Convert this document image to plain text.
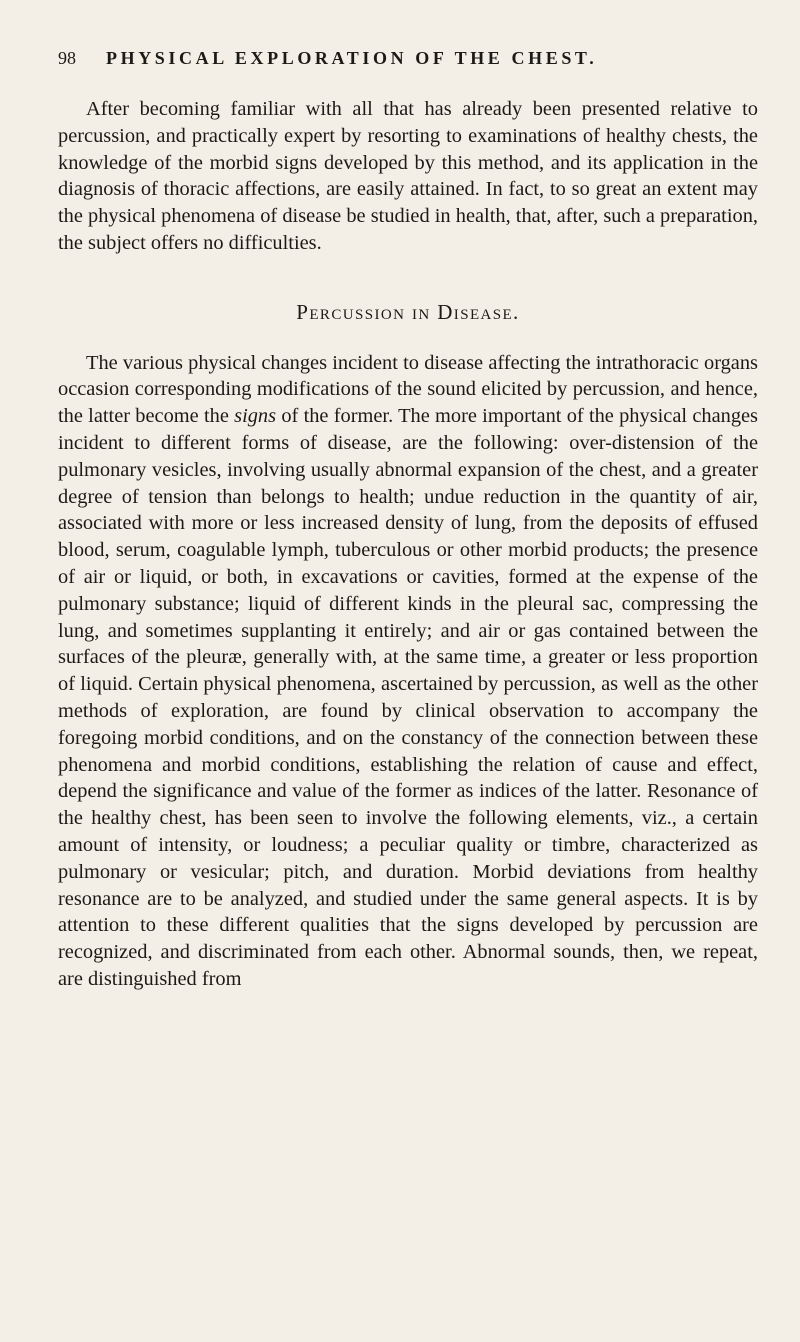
98 PHYSICAL EXPLORATION OF THE CHEST.

After becoming familiar with all that has already been presented relative to percussion, and practically expert by resorting to examinations of healthy chests, the knowledge of the morbid signs developed by this method, and its application in the diagnosis of thoracic affections, are easily attained. In fact, to so great an extent may the physical phenomena of disease be studied in health, that, after, such a preparation, the subject offers no difficulties.

Percussion in Disease.

The various physical changes incident to disease affecting the intrathoracic organs occasion corresponding modifications of the sound elicited by percussion, and hence, the latter become the signs of the former. The more important of the physical changes incident to different forms of disease, are the following: over-distension of the pulmonary vesicles, involving usually abnormal expansion of the chest, and a greater degree of tension than belongs to health; undue reduction in the quantity of air, associated with more or less increased density of lung, from the deposits of effused blood, serum, coagulable lymph, tuberculous or other morbid products; the presence of air or liquid, or both, in excavations or cavities, formed at the expense of the pulmonary substance; liquid of different kinds in the pleural sac, compressing the lung, and sometimes supplanting it entirely; and air or gas contained between the surfaces of the pleuræ, generally with, at the same time, a greater or less proportion of liquid. Certain physical phenomena, ascertained by percussion, as well as the other methods of exploration, are found by clinical observation to accompany the foregoing morbid conditions, and on the constancy of the connection between these phenomena and morbid conditions, establishing the relation of cause and effect, depend the significance and value of the former as indices of the latter. Resonance of the healthy chest, has been seen to involve the following elements, viz., a certain amount of intensity, or loudness; a peculiar quality or timbre, characterized as pulmonary or vesicular; pitch, and duration. Morbid deviations from healthy resonance are to be analyzed, and studied under the same general aspects. It is by attention to these different qualities that the signs developed by percussion are recognized, and discriminated from each other. Abnormal sounds, then, we repeat, are distinguished from
